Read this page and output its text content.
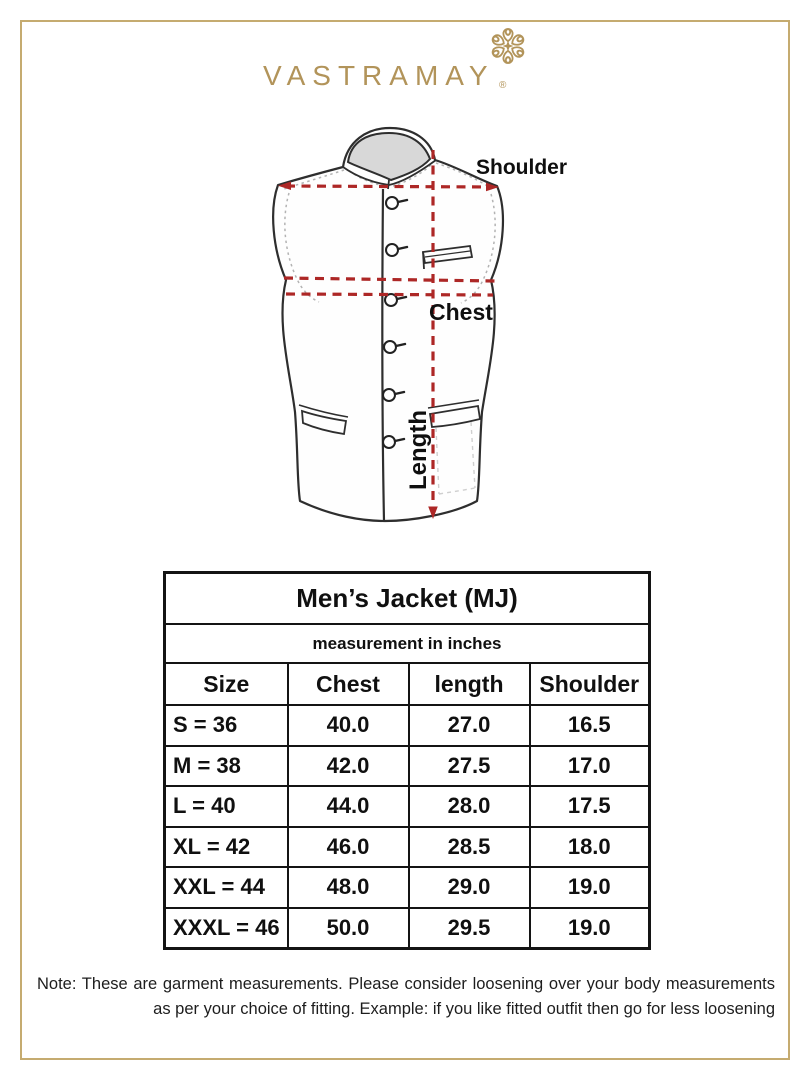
VASTRAMAY ®
Shoulder
Chest
Length
Men’s Jacket (MJ)			
measurement in inches			
Size	Chest	length	Shoulder
S = 36	40.0	27.0	16.5
M = 38	42.0	27.5	17.0
L = 40	44.0	28.0	17.5
XL = 42	46.0	28.5	18.0
XXL = 44	48.0	29.0	19.0
XXXL = 46	50.0	29.5	19.0
Note: These are garment measurements. Please consider loosening over your body measurements
as per your choice of fitting. Example: if you like fitted outfit then go for less loosening
